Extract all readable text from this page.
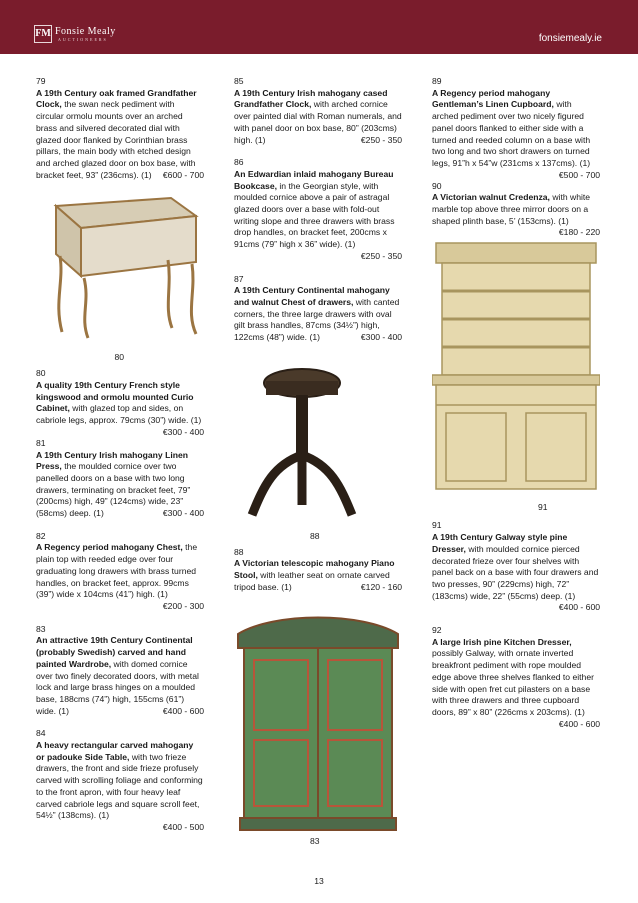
FM Fonsie Mealy
AUCTIONEERS	fonsiemealy.ie
79
A 19th Century oak framed Grandfather Clock, the swan neck pediment with circular ormolu mounts over an arched brass and silvered decorated dial with glazed door flanked by Corinthian brass pillars, the main body with etched design and arched glazed door on box base, with bracket feet, 93” (236cms). (1) €600 - 700
80
80
A quality 19th Century French style kingswood and ormolu mounted Curio Cabinet, with glazed top and sides, on cabriole legs, approx. 79cms (30”) wide. (1)
€300 - 400
81
A 19th Century Irish mahogany Linen Press, the moulded cornice over two panelled doors on a base with two long drawers, terminating on bracket feet, 79” (200cms) high, 49” (124cms) wide, 23” (58cms) deep. (1)	€300 - 400
82
A Regency period mahogany Chest, the plain top with reeded edge over four graduating long drawers with brass turned handles, on bracket feet, approx. 99cms (39”) wide x 104cms (41”) high. (1)
€200 - 300
83
An attractive 19th Century Continental (probably Swedish) carved and hand painted Wardrobe, with domed cornice over two finely decorated doors, with metal lock and large brass hinges on a moulded base, 188cms (74”) high, 155cms (61”) wide. (1)	€400 - 600
84
A heavy rectangular carved mahogany or padouke Side Table, with two frieze drawers, the front and side frieze profusely carved with scrolling foliage and conforming to the front apron, with four heavy leaf carved cabriole legs and square scroll feet, 54½” (138cms). (1)
€400 - 500
85
A 19th Century Irish mahogany cased Grandfather Clock, with arched cornice over painted dial with Roman numerals, and with panel door on box base, 80” (203cms) high. (1)	€250 - 350
86
An Edwardian inlaid mahogany Bureau Bookcase, in the Georgian style, with moulded cornice above a pair of astragal glazed doors over a base with fold-out writing slope and three drawers with brass drop handles, on bracket feet, 200cms x 91cms (79” high x 36” wide). (1)
€250 - 350
87
A 19th Century Continental mahogany and walnut Chest of drawers, with canted corners, the three large drawers with oval gilt brass handles, 87cms (34½”) high, 122cms (48”) wide. (1)	€300 - 400
88
88
A Victorian telescopic mahogany Piano Stool, with leather seat on ornate carved tripod base. (1)	€120 - 160
83
89
A Regency period mahogany Gentleman’s Linen Cupboard, with arched pediment over two nicely figured panel doors flanked to either side with a turned and reeded column on a base with two long and two short drawers on turned legs, 91”h x 54”w (231cms x 137cms). (1)
€500 - 700
90
A Victorian walnut Credenza, with white marble top above three mirror doors on a shaped plinth base, 5’ (153cms). (1)
€180 - 220
91
91
A 19th Century Galway style pine Dresser, with moulded cornice pierced decorated frieze over four shelves with panel back on a base with four drawers and two presses, 90” (229cms) high, 72” (183cms) wide, 22” (55cms) deep. (1)
€400 - 600
92
A large Irish pine Kitchen Dresser, possibly Galway, with ornate inverted breakfront pediment with rope moulded edge above three shelves flanked to either side with open fret cut pilasters on a base with three drawers and three cupboard doors, 89” x 80” (226cms x 203cms). (1)
€400 - 600
13
